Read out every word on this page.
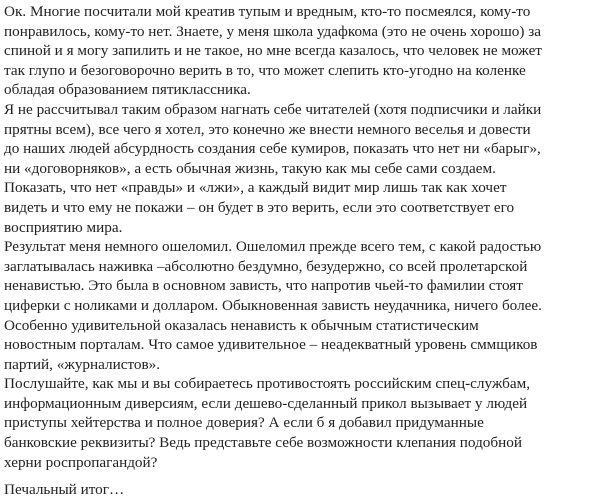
Ок. Многие посчитали мой креатив тупым и вредным, кто-то посмеялся, кому-то
понравилось, кому-то нет. Знаете, у меня школа удафкома (это не очень хорошо) за
спиной и я могу запилить и не такое, но мне всегда казалось, что человек не может
так глупо и безоговорочно верить в то, что может слепить кто-угодно на коленке
обладая образованием пятиклассника.
Я не рассчитывал таким образом нагнать себе читателей (хотя подписчики и лайки
прятны всем), все чего я хотел, это конечно же внести немного веселья и довести
до наших людей абсурдность создания себе кумиров, показать что нет ни «барыг»,
ни «договорняков», а есть обычная жизнь, такую как мы себе сами создаем.
Показать, что нет «правды» и «лжи», а каждый видит мир лишь так как хочет
видеть и что ему не покажи – он будет в это верить, если это соответствует его
восприятию мира.
Результат меня немного ошеломил. Ошеломил прежде всего тем, с какой радостью
заглатывалась наживка –абсолютно бездумно, безудержно, со всей пролетарской
ненавистью. Это была в основном зависть, что напротив чьей-то фамилии стоят
циферки с ноликами и долларом. Обыкновенная зависть неудачника, ничего более.
Особенно удивительной оказалась ненависть к обычным статистическим
новостным порталам. Что самое удивительное – неадекватный уровень сммщиков
партий, «журналистов».
Послушайте, как мы и вы собираетесь противостоять российским спец-службам,
информационным диверсиям, если дешево-сделанный прикол вызывает у людей
приступы хейтерства и полное доверия? А если б я добавил придуманные
банковские реквизиты? Ведь представьте себе возможности клепания подобной
херни роспропагандой?
Печальный итог…
